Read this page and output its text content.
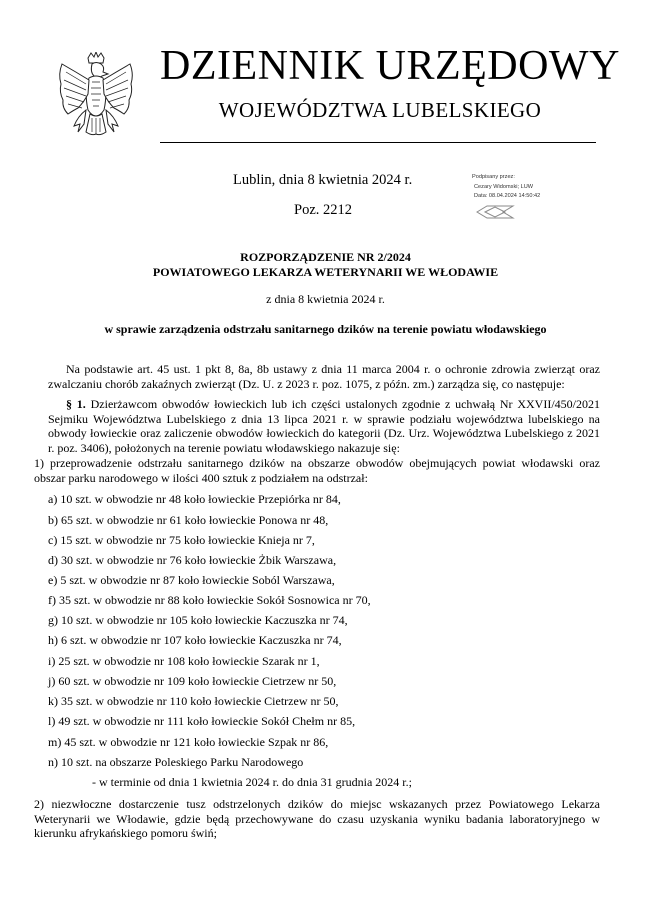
DZIENNIK URZĘDOWY
WOJEWÓDZTWA LUBELSKIEGO
Lublin, dnia 8 kwietnia 2024 r.
Poz. 2212
Podpisany przez:
Cezary Widomski; LUW
Data: 08.04.2024 14:50:42
ROZPORZĄDZENIE NR 2/2024
POWIATOWEGO LEKARZA WETERYNARII WE WŁODAWIE
z dnia 8 kwietnia 2024 r.
w sprawie zarządzenia odstrzału sanitarnego dzików na terenie powiatu włodawskiego
Na podstawie art. 45 ust. 1 pkt 8, 8a, 8b ustawy z dnia 11 marca 2004 r. o ochronie zdrowia zwierząt oraz zwalczaniu chorób zakaźnych zwierząt (Dz. U. z 2023 r. poz. 1075, z późn. zm.) zarządza się, co następuje:
§ 1. Dzierżawcom obwodów łowieckich lub ich części ustalonych zgodnie z uchwałą Nr XXVII/450/2021 Sejmiku Województwa Lubelskiego z dnia 13 lipca 2021 r. w sprawie podziału województwa lubelskiego na obwody łowieckie oraz zaliczenie obwodów łowieckich do kategorii (Dz. Urz. Województwa Lubelskiego z 2021 r. poz. 3406), położonych na terenie powiatu włodawskiego nakazuje się:
1) przeprowadzenie odstrzału sanitarnego dzików na obszarze obwodów obejmujących powiat włodawski oraz obszar parku narodowego w ilości 400 sztuk z podziałem na odstrzał:
a) 10 szt. w obwodzie nr 48 koło łowieckie Przepiórka nr 84,
b) 65 szt. w obwodzie nr 61 koło łowieckie Ponowa nr 48,
c) 15 szt. w obwodzie nr 75 koło łowieckie Knieja nr 7,
d) 30 szt. w obwodzie nr 76 koło łowieckie Żbik Warszawa,
e) 5 szt. w obwodzie nr 87 koło łowieckie Soból Warszawa,
f) 35 szt. w obwodzie nr 88 koło łowieckie Sokół Sosnowica nr 70,
g) 10 szt. w obwodzie nr 105 koło łowieckie Kaczuszka nr 74,
h) 6 szt. w obwodzie nr 107 koło łowieckie Kaczuszka nr 74,
i) 25 szt. w obwodzie nr 108 koło łowieckie Szarak nr 1,
j) 60 szt. w obwodzie nr 109 koło łowieckie Cietrzew nr 50,
k) 35 szt. w obwodzie nr 110 koło łowieckie Cietrzew nr 50,
l) 49 szt. w obwodzie nr 111 koło łowieckie Sokół Chełm nr 85,
m) 45 szt. w obwodzie nr 121 koło łowieckie Szpak nr 86,
n) 10 szt. na obszarze Poleskiego Parku Narodowego
- w terminie od dnia 1 kwietnia 2024 r. do dnia 31 grudnia 2024 r.;
2) niezwłoczne dostarczenie tusz odstrzelonych dzików do miejsc wskazanych przez Powiatowego Lekarza Weterynarii we Włodawie, gdzie będą przechowywane do czasu uzyskania wyniku badania laboratoryjnego w kierunku afrykańskiego pomoru świń;
